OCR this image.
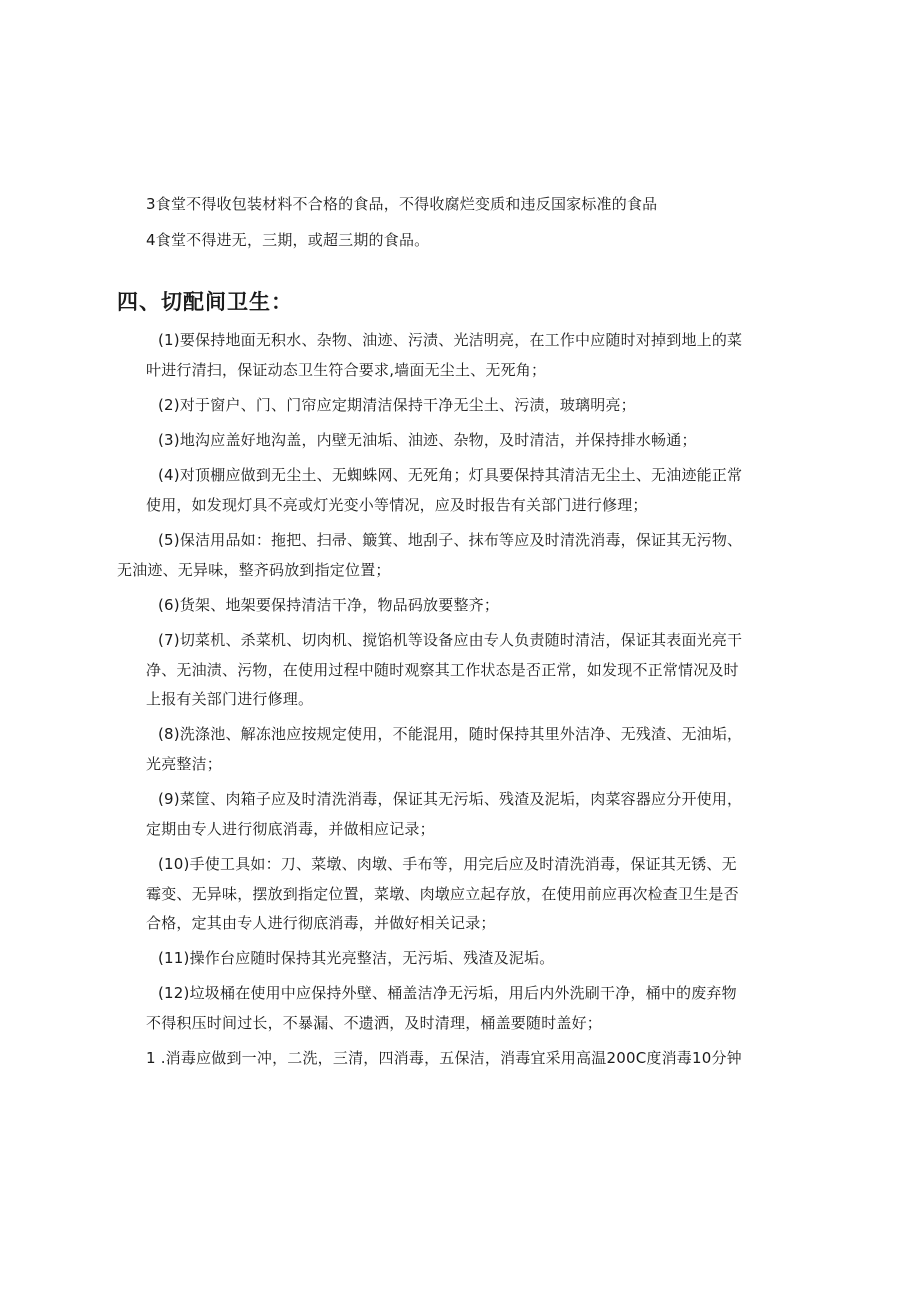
3食堂不得收包装材料不合格的食品，不得收腐烂变质和违反国家标准的食品

4食堂不得进无，三期，或超三期的食品。

四、切配间卫生：

(1)要保持地面无积水、杂物、油迹、污渍、光洁明亮，在工作中应随时对掉到地上的菜

叶进行清扫，保证动态卫生符合要求,墙面无尘土、无死角；

(2)对于窗户、门、门帘应定期清洁保持干净无尘土、污渍，玻璃明亮；

(3)地沟应盖好地沟盖，内壁无油垢、油迹、杂物，及时清洁，并保持排水畅通；

(4)对顶棚应做到无尘土、无蜘蛛网、无死角；灯具要保持其清洁无尘土、无油迹能正常

使用，如发现灯具不亮或灯光变小等情况，应及时报告有关部门进行修理；

(5)保洁用品如：拖把、扫帚、簸箕、地刮子、抹布等应及时清洗消毒，保证其无污物、

无油迹、无异味，整齐码放到指定位置；

(6)货架、地架要保持清洁干净，物品码放要整齐；

(7)切菜机、杀菜机、切肉机、搅馅机等设备应由专人负责随时清洁，保证其表面光亮干

净、无油渍、污物，在使用过程中随时观察其工作状态是否正常，如发现不正常情况及时

上报有关部门进行修理。

(8)洗涤池、解冻池应按规定使用，不能混用，随时保持其里外洁净、无残渣、无油垢，

光亮整洁；

(9)菜筐、肉箱子应及时清洗消毒，保证其无污垢、残渣及泥垢，肉菜容器应分开使用，

定期由专人进行彻底消毒，并做相应记录；

(10)手使工具如：刀、菜墩、肉墩、手布等，用完后应及时清洗消毒，保证其无锈、无

霉变、无异味，摆放到指定位置，菜墩、肉墩应立起存放，在使用前应再次检查卫生是否

合格，定其由专人进行彻底消毒，并做好相关记录；

(11)操作台应随时保持其光亮整洁，无污垢、残渣及泥垢。

(12)垃圾桶在使用中应保持外壁、桶盖洁净无污垢，用后内外洗刷干净，桶中的废弃物

不得积压时间过长，不暴漏、不遗洒，及时清理，桶盖要随时盖好；

1 .消毒应做到一冲，二洗，三清，四消毒，五保洁，消毒宜采用高温200C度消毒10分钟
